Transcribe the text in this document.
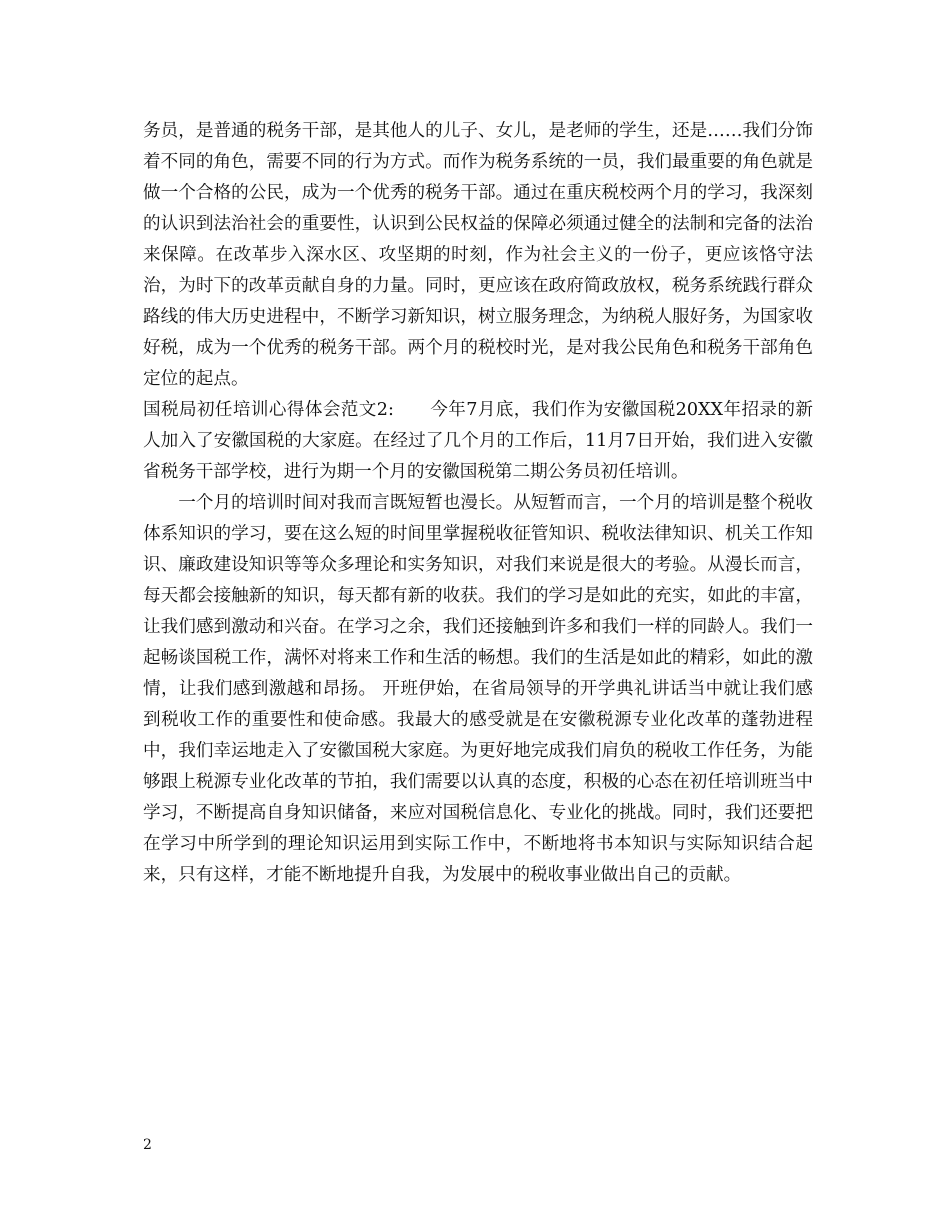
务员，是普通的税务干部，是其他人的儿子、女儿，是老师的学生，还是……我们分饰着不同的角色，需要不同的行为方式。而作为税务系统的一员，我们最重要的角色就是做一个合格的公民，成为一个优秀的税务干部。通过在重庆税校两个月的学习，我深刻的认识到法治社会的重要性，认识到公民权益的保障必须通过健全的法制和完备的法治来保障。在改革步入深水区、攻坚期的时刻，作为社会主义的一份子，更应该恪守法治，为时下的改革贡献自身的力量。同时，更应该在政府简政放权，税务系统践行群众路线的伟大历史进程中，不断学习新知识，树立服务理念，为纳税人服好务，为国家收好税，成为一个优秀的税务干部。两个月的税校时光，是对我公民角色和税务干部角色定位的起点。

国税局初任培训心得体会范文2:　　今年7月底，我们作为安徽国税20XX年招录的新人加入了安徽国税的大家庭。在经过了几个月的工作后，11月7日开始，我们进入安徽省税务干部学校，进行为期一个月的安徽国税第二期公务员初任培训。

一个月的培训时间对我而言既短暂也漫长。从短暂而言，一个月的培训是整个税收体系知识的学习，要在这么短的时间里掌握税收征管知识、税收法律知识、机关工作知识、廉政建设知识等等众多理论和实务知识，对我们来说是很大的考验。从漫长而言，每天都会接触新的知识，每天都有新的收获。我们的学习是如此的充实，如此的丰富，让我们感到激动和兴奋。在学习之余，我们还接触到许多和我们一样的同龄人。我们一起畅谈国税工作，满怀对将来工作和生活的畅想。我们的生活是如此的精彩，如此的激情，让我们感到激越和昂扬。 开班伊始，在省局领导的开学典礼讲话当中就让我们感到税收工作的重要性和使命感。我最大的感受就是在安徽税源专业化改革的蓬勃进程中，我们幸运地走入了安徽国税大家庭。为更好地完成我们肩负的税收工作任务，为能够跟上税源专业化改革的节拍，我们需要以认真的态度，积极的心态在初任培训班当中学习，不断提高自身知识储备，来应对国税信息化、专业化的挑战。同时，我们还要把在学习中所学到的理论知识运用到实际工作中，不断地将书本知识与实际知识结合起来，只有这样，才能不断地提升自我，为发展中的税收事业做出自己的贡献。

2
